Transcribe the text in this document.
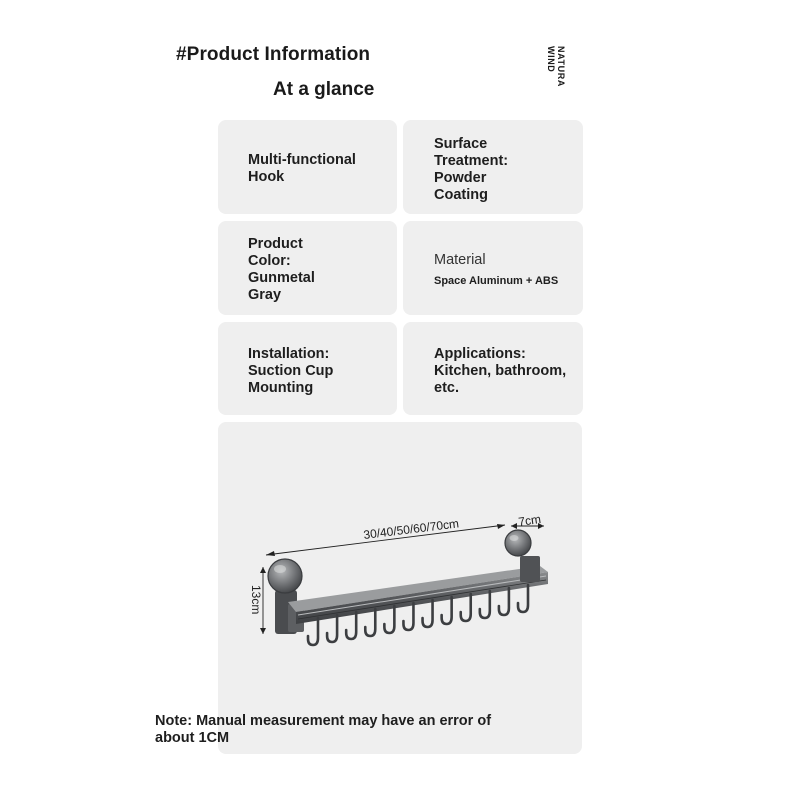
#Product Information
At a glance
NATURA
WIND
Multi-functional
Hook
Surface
Treatment:
Powder
Coating
Product
Color:
Gunmetal
Gray
Material
Space Aluminum + ABS
Installation:
Suction Cup
Mounting
Applications:
Kitchen, bathroom,
etc.
30/40/50/60/70cm	7cm
13cm
Note: Manual measurement may have an error of
about 1CM
